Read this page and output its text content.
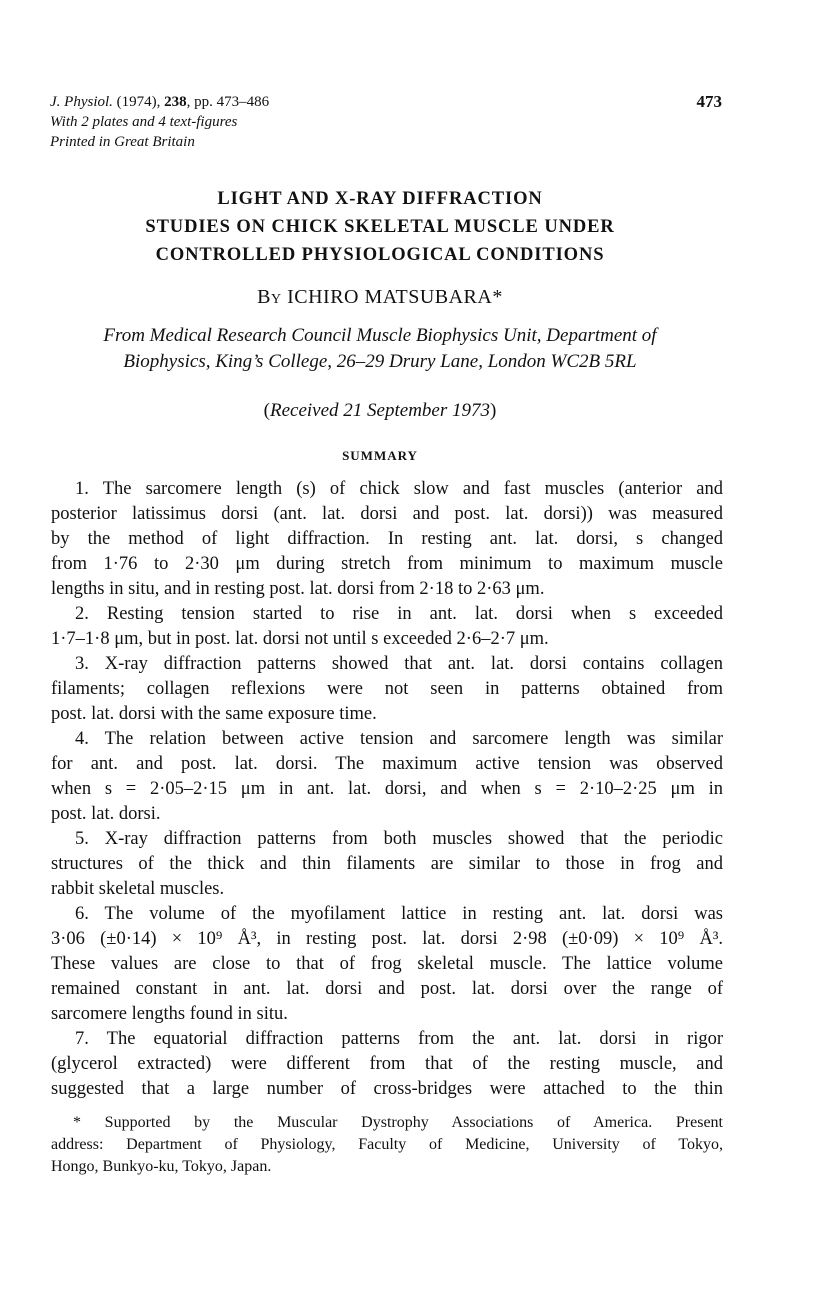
J. Physiol. (1974), 238, pp. 473–486
With 2 plates and 4 text-figures
Printed in Great Britain
473
LIGHT AND X-RAY DIFFRACTION
STUDIES ON CHICK SKELETAL MUSCLE UNDER
CONTROLLED PHYSIOLOGICAL CONDITIONS
By ICHIRO MATSUBARA*
From Medical Research Council Muscle Biophysics Unit, Department of
Biophysics, King’s College, 26–29 Drury Lane, London WC2B 5RL
(Received 21 September 1973)
SUMMARY
1. The sarcomere length (s) of chick slow and fast muscles (anterior and
posterior latissimus dorsi (ant. lat. dorsi and post. lat. dorsi)) was measured
by the method of light diffraction. In resting ant. lat. dorsi, s changed
from 1·76 to 2·30 μm during stretch from minimum to maximum muscle
lengths in situ, and in resting post. lat. dorsi from 2·18 to 2·63 μm.
2. Resting tension started to rise in ant. lat. dorsi when s exceeded
1·7–1·8 μm, but in post. lat. dorsi not until s exceeded 2·6–2·7 μm.
3. X-ray diffraction patterns showed that ant. lat. dorsi contains collagen
filaments; collagen reflexions were not seen in patterns obtained from
post. lat. dorsi with the same exposure time.
4. The relation between active tension and sarcomere length was similar
for ant. and post. lat. dorsi. The maximum active tension was observed
when s = 2·05–2·15 μm in ant. lat. dorsi, and when s = 2·10–2·25 μm in
post. lat. dorsi.
5. X-ray diffraction patterns from both muscles showed that the periodic
structures of the thick and thin filaments are similar to those in frog and
rabbit skeletal muscles.
6. The volume of the myofilament lattice in resting ant. lat. dorsi was
3·06 (±0·14) × 10⁹ Å³, in resting post. lat. dorsi 2·98 (±0·09) × 10⁹ Å³.
These values are close to that of frog skeletal muscle. The lattice volume
remained constant in ant. lat. dorsi and post. lat. dorsi over the range of
sarcomere lengths found in situ.
7. The equatorial diffraction patterns from the ant. lat. dorsi in rigor
(glycerol extracted) were different from that of the resting muscle, and
suggested that a large number of cross-bridges were attached to the thin
* Supported by the Muscular Dystrophy Associations of America. Present
address: Department of Physiology, Faculty of Medicine, University of Tokyo,
Hongo, Bunkyo-ku, Tokyo, Japan.
